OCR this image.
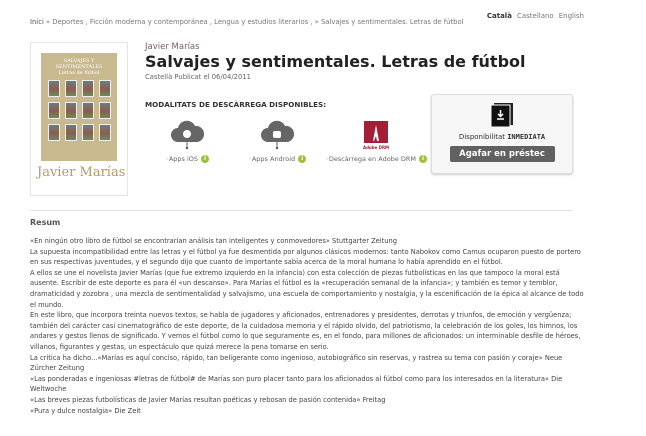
Català Castellano English
Inici » Deportes , Ficción moderna y contemporánea , Lengua y estudios literarios , » Salvajes y sentimentales. Letras de fútbol
SALVAJES Y SENTIMENTALES
Letras de fútbol
Javier Marías
Javier Marías
Salvajes y sentimentales. Letras de fútbol
Castellà Publicat el 06/04/2011
MODALITATS DE DESCÀRREGA DISPONIBLES:
◦Apps iOS i	◦Apps Android i
Adobe DRM
◦Descàrrega en Adobe DRM i
Disponibilitat INMEDIATA
Agafar en préstec
Resum

«En ningún otro libro de fútbol se encontrarían análisis tan inteligentes y conmovedores» Stuttgarter Zeitung

La supuesta incompatibilidad entre las letras y el fútbol ya fue desmentida por algunos clásicos modernos: tanto Nabokov como Camus ocuparon puesto de portero en sus respectivas juventudes, y el segundo dijo que cuanto de importante sabía acerca de la moral humana lo había aprendido en el fútbol.

A ellos se une el novelista Javier Marías (que fue extremo izquierdo en la infancia) con esta colección de piezas futbolísticas en las que tampoco la moral está ausente. Escribir de este deporte es para él «un descanso». Para Marías el fútbol es la «recuperación semanal de la infancia»; y también es temor y temblor, dramaticidad y zozobra , una mezcla de sentimentalidad y salvajismo, una escuela de comportamiento y nostalgia, y la escenificación de la épica al alcance de todo el mundo.

En este libro, que incorpora treinta nuevos textos, se habla de jugadores y aficionados, entrenadores y presidentes, derrotas y triunfos, de emoción y vergüenza; también del carácter casi cinematográfico de este deporte, de la cuidadosa memoria y el rápido olvido, del patriotismo, la celebración de los goles, los himnos, los andares y gestos llenos de significado. Y vemos el fútbol como lo que seguramente es, en el fondo, para millones de aficionados: un interminable desfile de héroes, villanos, figurantes y gestas, un espectáculo que quizá merece la pena tomarse en serio.

La crítica ha dicho...«Marías es aquí conciso, rápido, tan beligerante como ingenioso, autobiográfico sin reservas, y rastrea su tema con pasión y coraje» Neue Zürcher Zeitung

«Las ponderadas e ingeniosas #letras de fútbol# de Marías son puro placer tanto para los aficionados al fútbol como para los interesados en la literatura» Die Weltwoche

«Las breves piezas futbolísticas de Javier Marías resultan poéticas y rebosan de pasión contenida» Freitag

«Pura y dulce nostalgia» Die Zeit
